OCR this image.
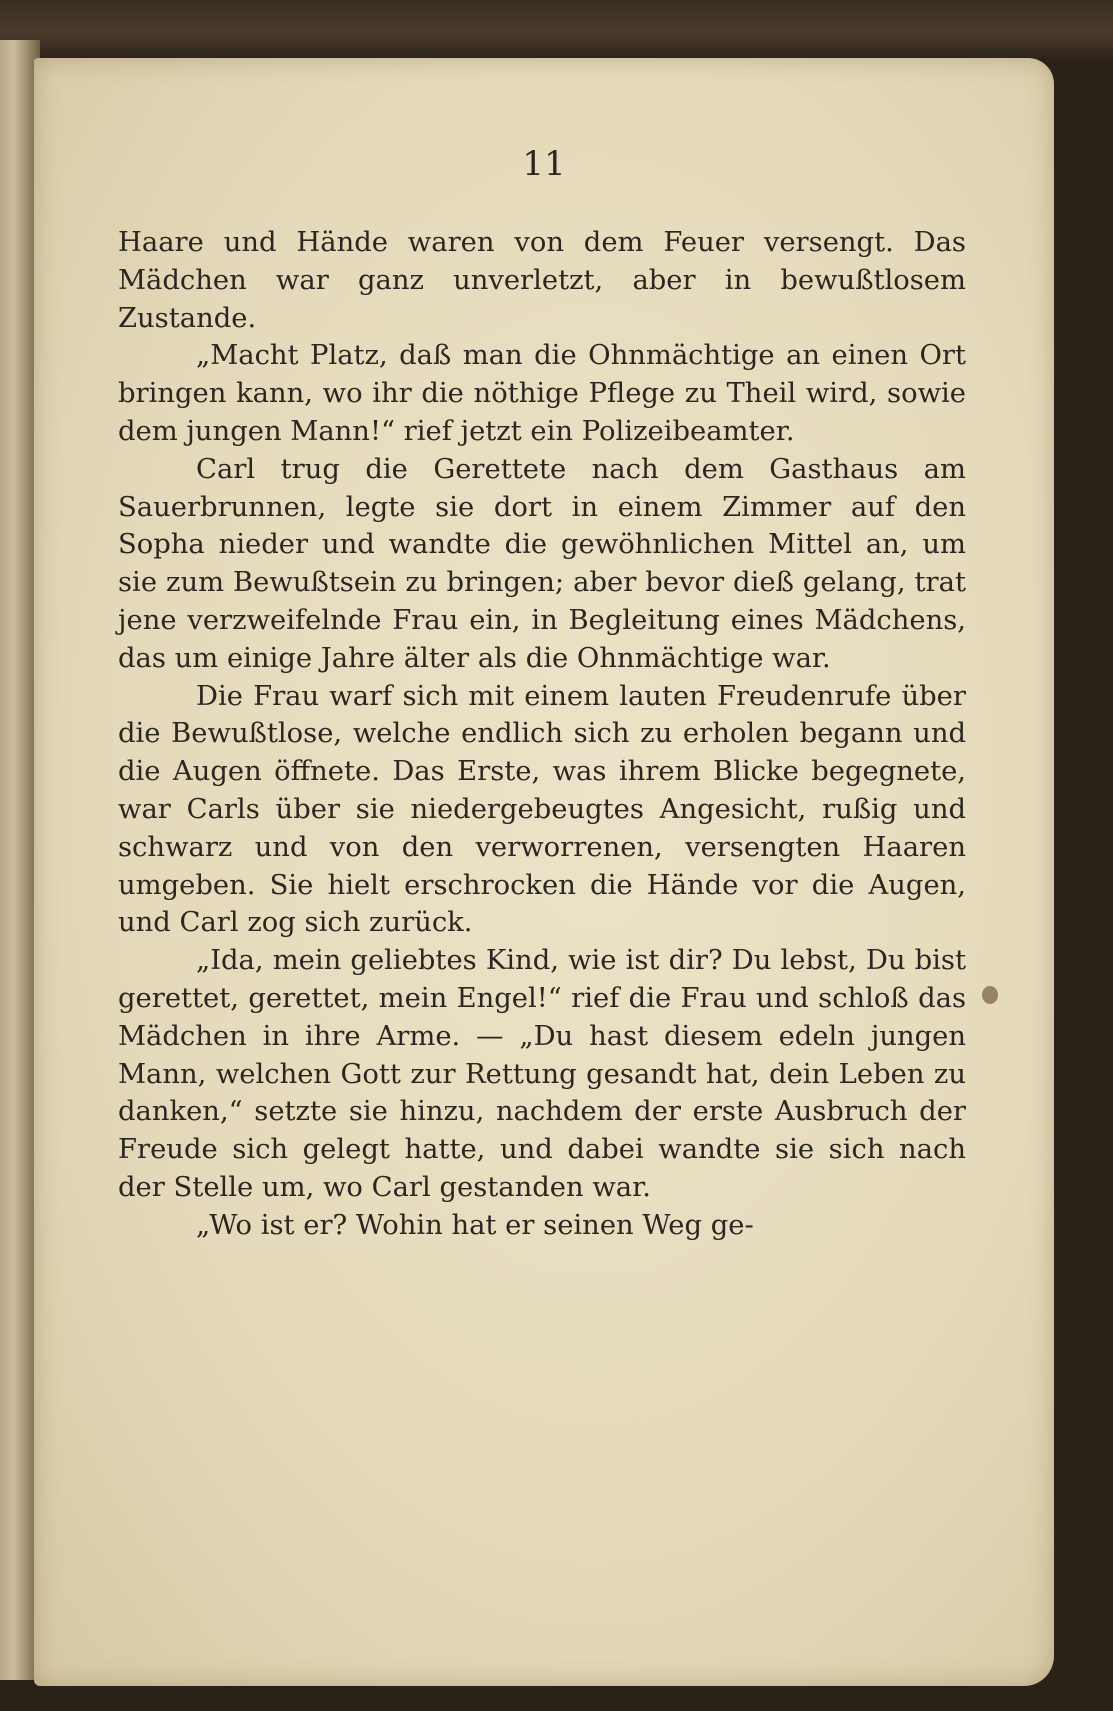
11

Haare und Hände waren von dem Feuer versengt. Das Mädchen war ganz unverletzt, aber in bewußtlosem Zustande.

„Macht Platz, daß man die Ohnmächtige an einen Ort bringen kann, wo ihr die nöthige Pflege zu Theil wird, sowie dem jungen Mann!“ rief jetzt ein Polizeibeamter.

Carl trug die Gerettete nach dem Gasthaus am Sauerbrunnen, legte sie dort in einem Zimmer auf den Sopha nieder und wandte die gewöhnlichen Mittel an, um sie zum Bewußtsein zu bringen; aber bevor dieß gelang, trat jene verzweifelnde Frau ein, in Begleitung eines Mädchens, das um einige Jahre älter als die Ohnmächtige war.

Die Frau warf sich mit einem lauten Freudenrufe über die Bewußtlose, welche endlich sich zu erholen begann und die Augen öffnete. Das Erste, was ihrem Blicke begegnete, war Carls über sie niedergebeugtes Angesicht, rußig und schwarz und von den verworrenen, versengten Haaren umgeben. Sie hielt erschrocken die Hände vor die Augen, und Carl zog sich zurück.

„Ida, mein geliebtes Kind, wie ist dir? Du lebst, Du bist gerettet, gerettet, mein Engel!“ rief die Frau und schloß das Mädchen in ihre Arme. — „Du hast diesem edeln jungen Mann, welchen Gott zur Rettung gesandt hat, dein Leben zu danken,“ setzte sie hinzu, nachdem der erste Ausbruch der Freude sich gelegt hatte, und dabei wandte sie sich nach der Stelle um, wo Carl gestanden war.

„Wo ist er? Wohin hat er seinen Weg ge-
